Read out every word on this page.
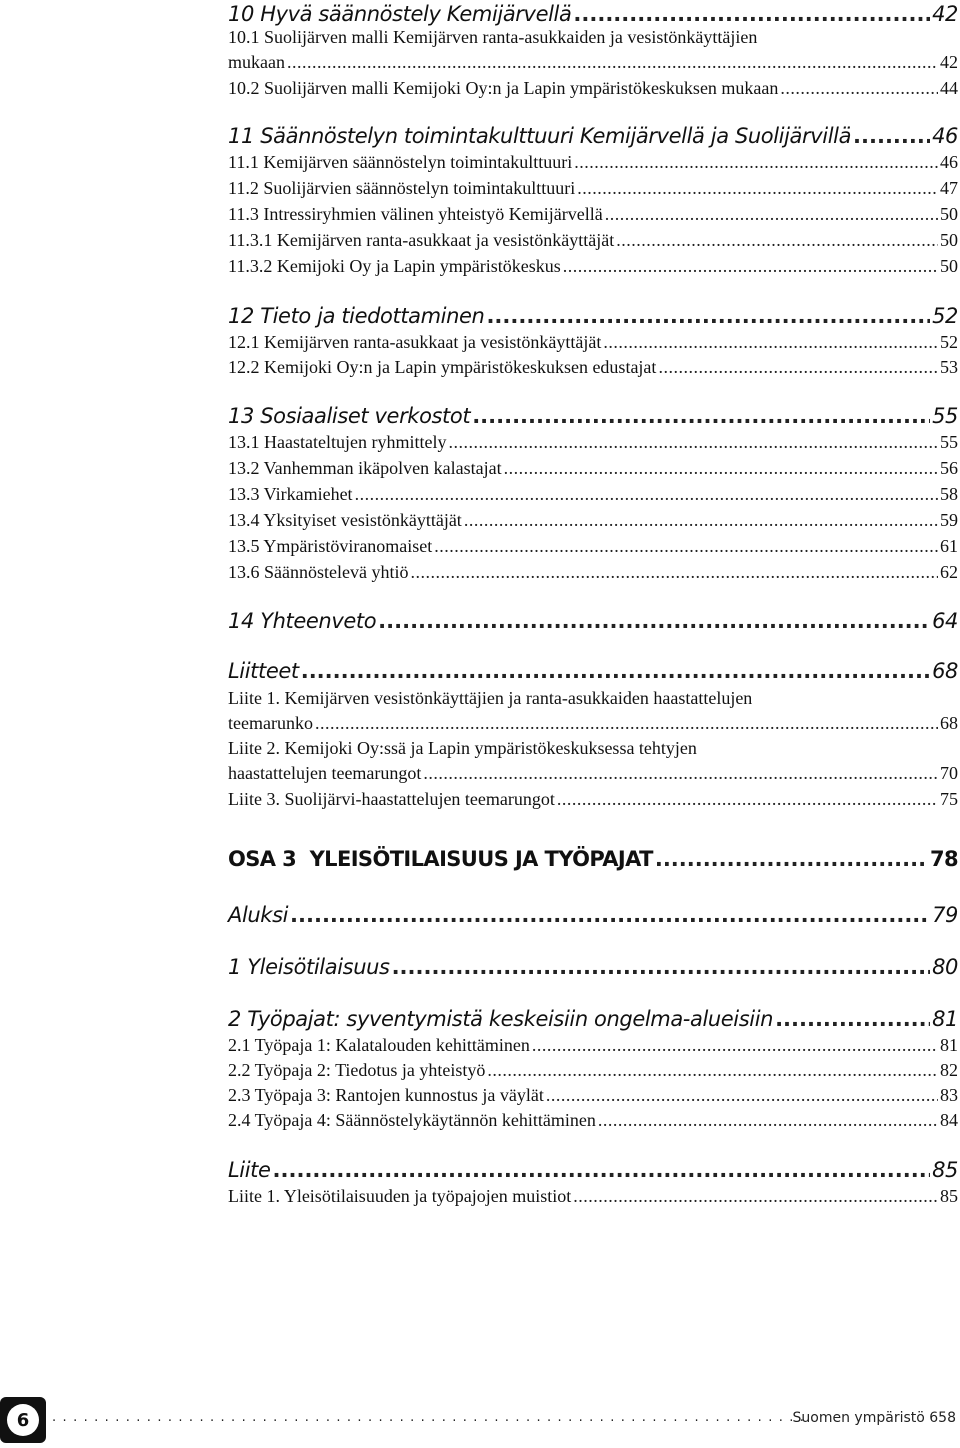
10 Hyvä säännöstely Kemijärvellä .....	42
10.1 Suolijärven malli Kemijärven ranta-asukkaiden ja vesistönkäyttäjien
mukaan .....	42
10.2 Suolijärven malli Kemijoki Oy:n ja Lapin ympäristökeskuksen mukaan .....	44
11 Säännöstelyn toimintakulttuuri Kemijärvellä ja Suolijärvillä .....	46
11.1 Kemijärven säännöstelyn toimintakulttuuri .....	46
11.2 Suolijärvien säännöstelyn toimintakulttuuri .....	47
11.3 Intressiryhmien välinen yhteistyö Kemijärvellä .....	50
11.3.1 Kemijärven ranta-asukkaat ja vesistönkäyttäjät .....	50
11.3.2 Kemijoki Oy ja Lapin ympäristökeskus .....	50
12 Tieto ja tiedottaminen .....	52
12.1 Kemijärven ranta-asukkaat ja vesistönkäyttäjät .....	52
12.2 Kemijoki Oy:n ja Lapin ympäristökeskuksen edustajat .....	53
13 Sosiaaliset verkostot .....	55
13.1 Haastateltujen ryhmittely .....	55
13.2 Vanhemman ikäpolven kalastajat .....	56
13.3 Virkamiehet .....	58
13.4 Yksityiset vesistönkäyttäjät .....	59
13.5 Ympäristöviranomaiset .....	61
13.6 Säännöstelevä yhtiö .....	62
14 Yhteenveto .....	64
Liitteet .....	68
Liite 1. Kemijärven vesistönkäyttäjien ja ranta-asukkaiden haastattelujen
teemarunko .....	68
Liite 2. Kemijoki Oy:ssä ja Lapin ympäristökeskuksessa tehtyjen
haastattelujen teemarungot .....	70
Liite 3. Suolijärvi-haastattelujen teemarungot .....	75
OSA 3  YLEISÖTILAISUUS JA TYÖPAJAT .....	78
Aluksi .....	79
1 Yleisötilaisuus .....	80
2 Työpajat: syventymistä keskeisiin ongelma-alueisiin .....	81
2.1 Työpaja 1: Kalatalouden kehittäminen .....	81
2.2 Työpaja 2: Tiedotus ja yhteistyö .....	82
2.3 Työpaja 3: Rantojen kunnostus ja väylät .....	83
2.4 Työpaja 4: Säännöstelykäytännön kehittäminen .....	84
Liite .....	85
Liite 1. Yleisötilaisuuden ja työpajojen muistiot .....	85
6 .....	Suomen ympäristö 658
